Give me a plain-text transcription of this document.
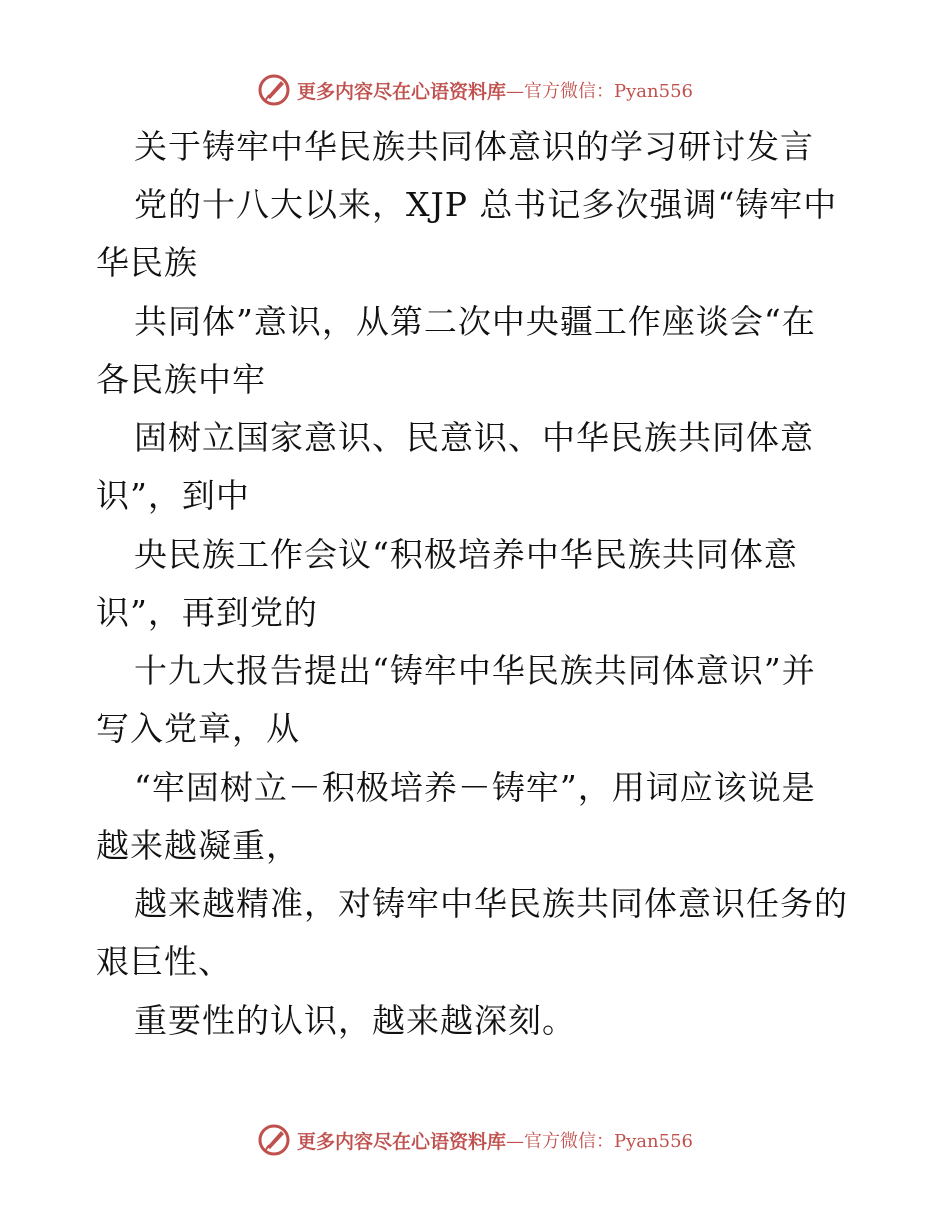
更多内容尽在心语资料库 —官方微信：Pyan556
关于铸牢中华民族共同体意识的学习研讨发言
党的十八大以来，XJP 总书记多次强调“铸牢中
华民族
共同体”意识，从第二次中央疆工作座谈会“在
各民族中牢
固树立国家意识、民意识、中华民族共同体意
识”，到中
央民族工作会议“积极培养中华民族共同体意
识”，再到党的
十九大报告提出“铸牢中华民族共同体意识”并
写入党章，从
“牢固树立－积极培养－铸牢”，用词应该说是
越来越凝重，
越来越精准，对铸牢中华民族共同体意识任务的
艰巨性、
重要性的认识，越来越深刻。
更多内容尽在心语资料库 —官方微信：Pyan556
